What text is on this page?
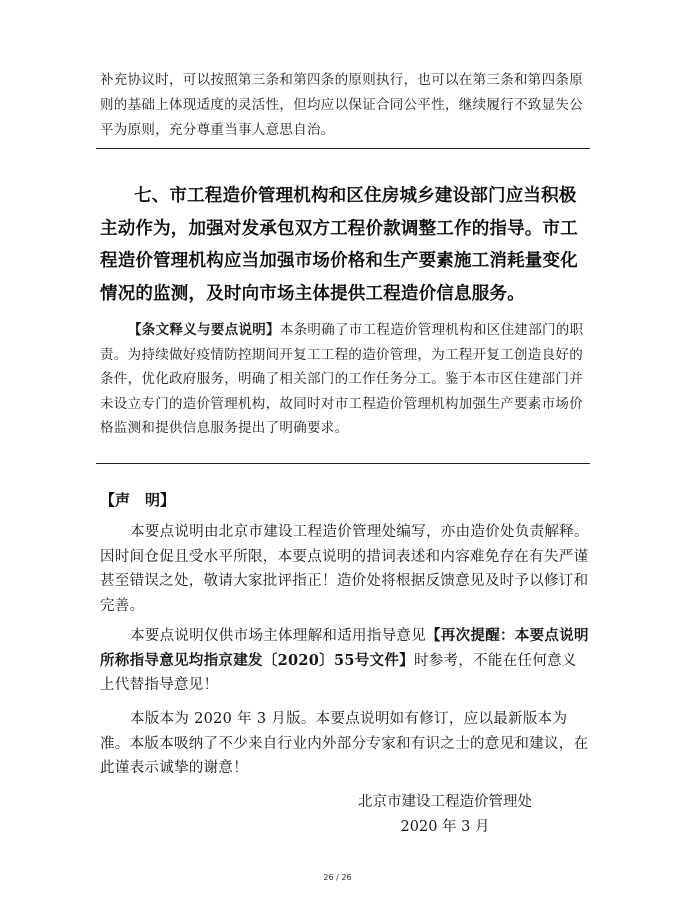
补充协议时，可以按照第三条和第四条的原则执行，也可以在第三条和第四条原则的基础上体现适度的灵活性，但均应以保证合同公平性，继续履行不致显失公平为原则，充分尊重当事人意思自治。
七、市工程造价管理机构和区住房城乡建设部门应当积极主动作为，加强对发承包双方工程价款调整工作的指导。市工程造价管理机构应当加强市场价格和生产要素施工消耗量变化情况的监测，及时向市场主体提供工程造价信息服务。
【条文释义与要点说明】本条明确了市工程造价管理机构和区住建部门的职责。为持续做好疫情防控期间开复工工程的造价管理，为工程开复工创造良好的条件，优化政府服务，明确了相关部门的工作任务分工。鉴于本市区住建部门并未设立专门的造价管理机构，故同时对市工程造价管理机构加强生产要素市场价格监测和提供信息服务提出了明确要求。
【声　明】
本要点说明由北京市建设工程造价管理处编写，亦由造价处负责解释。因时间仓促且受水平所限，本要点说明的措词表述和内容难免存在有失严谨甚至错误之处，敬请大家批评指正！造价处将根据反馈意见及时予以修订和完善。
本要点说明仅供市场主体理解和适用指导意见【再次提醒：本要点说明所称指导意见均指京建发〔2020〕55号文件】时参考，不能在任何意义上代替指导意见！
本版本为 2020 年 3 月版。本要点说明如有修订，应以最新版本为准。本版本吸纳了不少来自行业内外部分专家和有识之士的意见和建议，在此谨表示诚挚的谢意！
北京市建设工程造价管理处
2020 年 3 月
26 / 26
